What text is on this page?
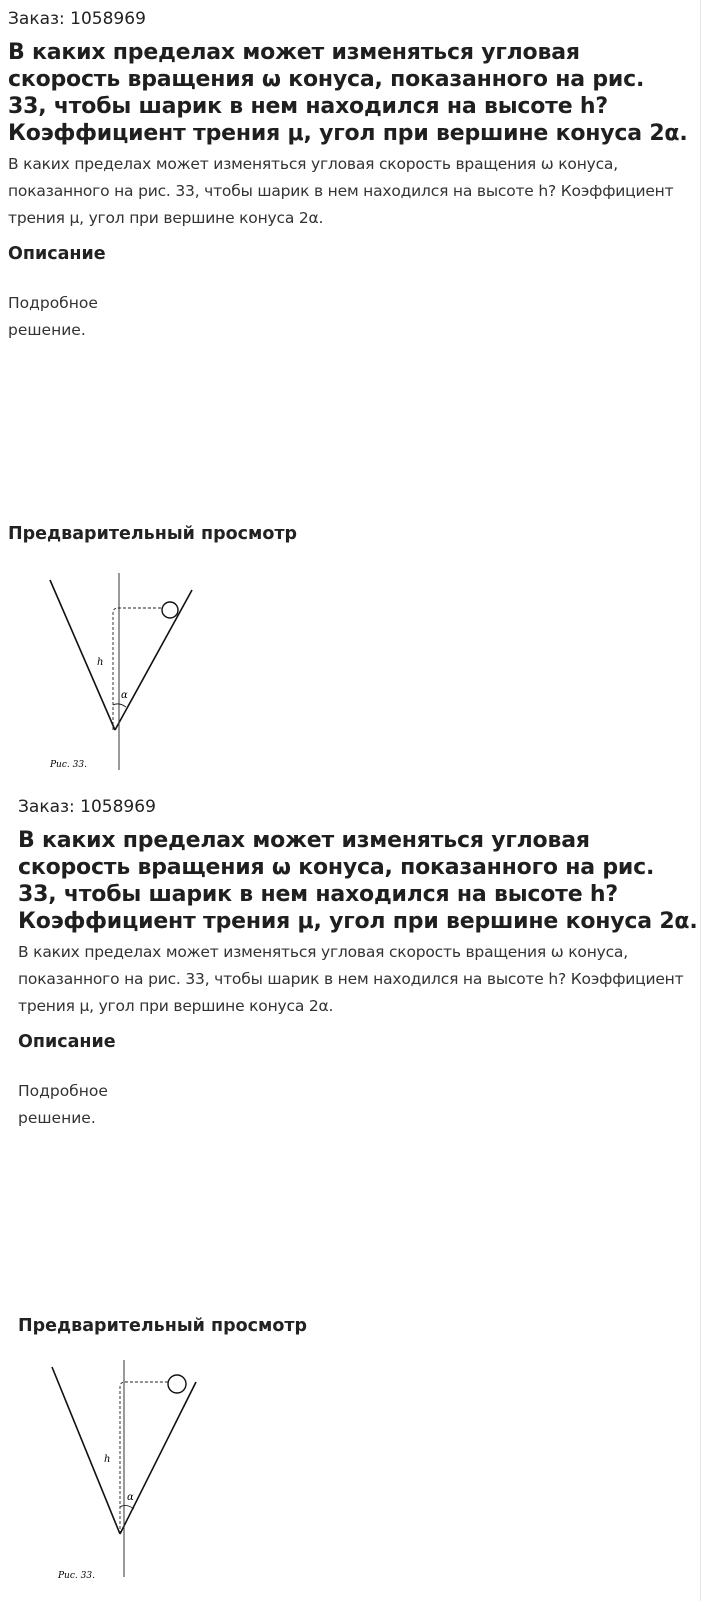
Заказ: 1058969
В каких пределах может изменяться угловая скорость вращения ω конуса, показанного на рис. 33, чтобы шарик в нем находился на высоте h? Коэффициент трения μ, угол при вершине конуса 2α.
В каких пределах может изменяться угловая скорость вращения ω конуса, показанного на рис. 33, чтобы шарик в нем находился на высоте h? Коэффициент трения μ, угол при вершине конуса 2α.
Описание
Подробное решение.
Предварительный просмотр
h
α
Рис. 33.
Заказ: 1058969
В каких пределах может изменяться угловая скорость вращения ω конуса, показанного на рис. 33, чтобы шарик в нем находился на высоте h? Коэффициент трения μ, угол при вершине конуса 2α.
В каких пределах может изменяться угловая скорость вращения ω конуса, показанного на рис. 33, чтобы шарик в нем находился на высоте h? Коэффициент трения μ, угол при вершине конуса 2α.
Описание
Подробное решение.
Предварительный просмотр
h
α
Рис. 33.
